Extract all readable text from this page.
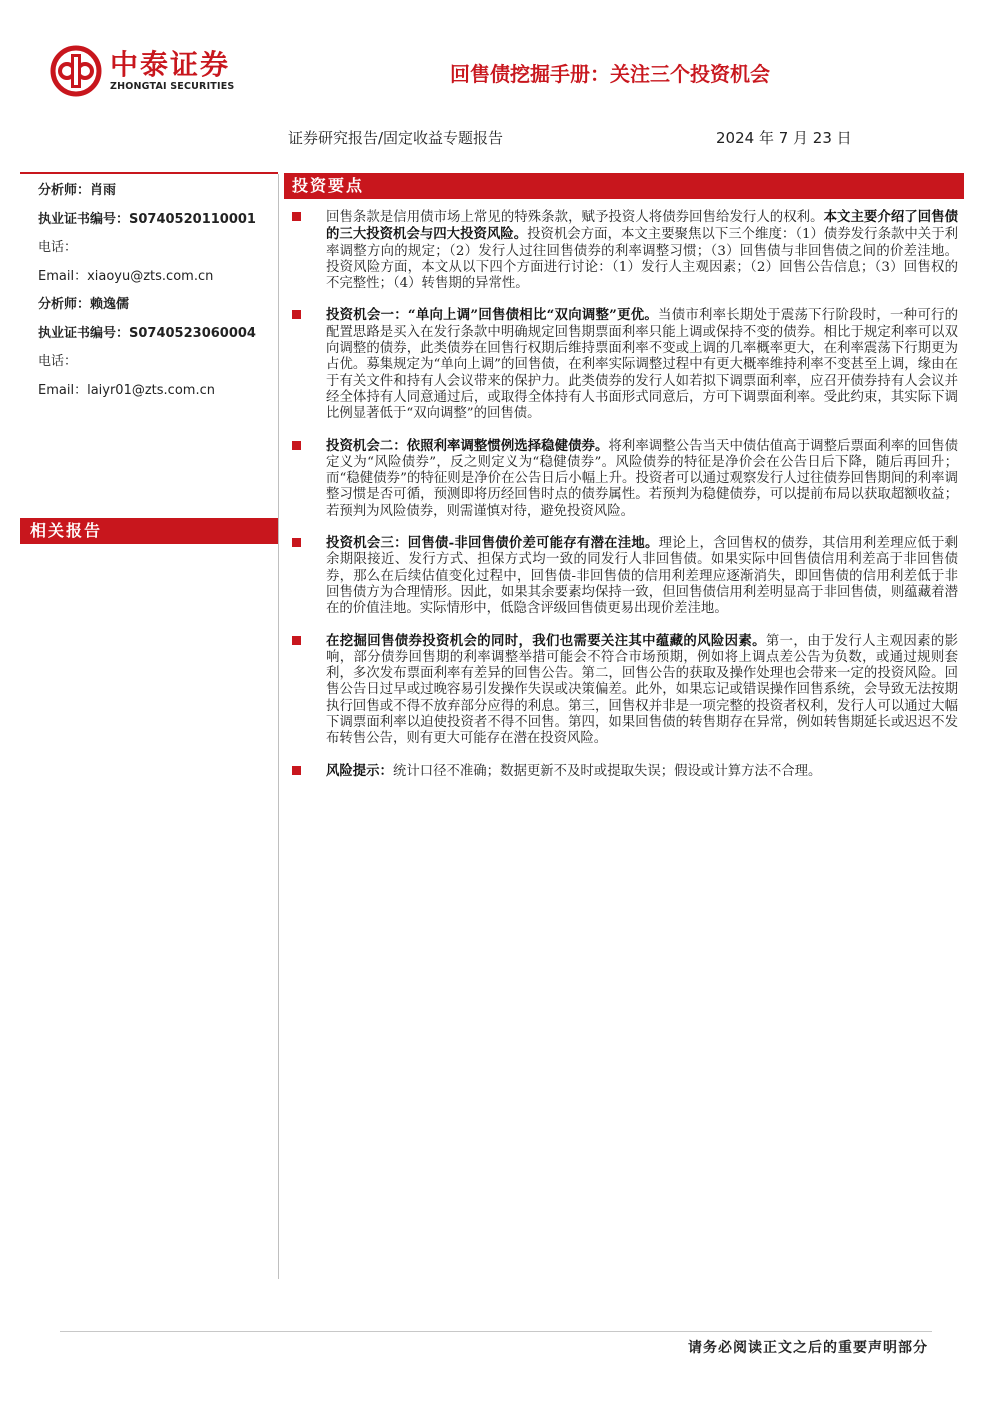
中泰证券
ZHONGTAI SECURITIES
回售债挖掘手册：关注三个投资机会
证券研究报告/固定收益专题报告	2024 年 7 月 23 日
分析师：肖雨
执业证书编号：S0740520110001
电话：
Email：xiaoyu@zts.com.cn
分析师：赖逸儒
执业证书编号：S0740523060004
电话：
Email：laiyr01@zts.com.cn
相关报告
投资要点
回售条款是信用债市场上常见的特殊条款，赋予投资人将债券回售给发行人的权利。本文主要介绍了回售债的三大投资机会与四大投资风险。投资机会方面，本文主要聚焦以下三个维度：（1）债券发行条款中关于利率调整方向的规定；（2）发行人过往回售债券的利率调整习惯；（3）回售债与非回售债之间的价差洼地。投资风险方面，本文从以下四个方面进行讨论：（1）发行人主观因素；（2）回售公告信息；（3）回售权的不完整性；（4）转售期的异常性。
投资机会一：“单向上调”回售债相比“双向调整”更优。当债市利率长期处于震荡下行阶段时，一种可行的配置思路是买入在发行条款中明确规定回售期票面利率只能上调或保持不变的债券。相比于规定利率可以双向调整的债券，此类债券在回售行权期后维持票面利率不变或上调的几率概率更大，在利率震荡下行期更为占优。募集规定为“单向上调”的回售债，在利率实际调整过程中有更大概率维持利率不变甚至上调，缘由在于有关文件和持有人会议带来的保护力。此类债券的发行人如若拟下调票面利率，应召开债券持有人会议并经全体持有人同意通过后，或取得全体持有人书面形式同意后，方可下调票面利率。受此约束，其实际下调比例显著低于“双向调整”的回售债。
投资机会二：依照利率调整惯例选择稳健债券。将利率调整公告当天中债估值高于调整后票面利率的回售债定义为“风险债券”，反之则定义为“稳健债券”。风险债券的特征是净价会在公告日后下降，随后再回升；而“稳健债券”的特征则是净价在公告日后小幅上升。投资者可以通过观察发行人过往债券回售期间的利率调整习惯是否可循，预测即将历经回售时点的债券属性。若预判为稳健债券，可以提前布局以获取超额收益；若预判为风险债券，则需谨慎对待，避免投资风险。
投资机会三：回售债-非回售债价差可能存有潜在洼地。理论上，含回售权的债券，其信用利差理应低于剩余期限接近、发行方式、担保方式均一致的同发行人非回售债。如果实际中回售债信用利差高于非回售债券，那么在后续估值变化过程中，回售债-非回售债的信用利差理应逐渐消失，即回售债的信用利差低于非回售债方为合理情形。因此，如果其余要素均保持一致，但回售债信用利差明显高于非回售债，则蕴藏着潜在的价值洼地。实际情形中，低隐含评级回售债更易出现价差洼地。
在挖掘回售债券投资机会的同时，我们也需要关注其中蕴藏的风险因素。第一，由于发行人主观因素的影响，部分债券回售期的利率调整举措可能会不符合市场预期，例如将上调点差公告为负数，或通过规则套利，多次发布票面利率有差异的回售公告。第二，回售公告的获取及操作处理也会带来一定的投资风险。回售公告日过早或过晚容易引发操作失误或决策偏差。此外，如果忘记或错误操作回售系统，会导致无法按期执行回售或不得不放弃部分应得的利息。第三，回售权并非是一项完整的投资者权利，发行人可以通过大幅下调票面利率以迫使投资者不得不回售。第四，如果回售债的转售期存在异常，例如转售期延长或迟迟不发布转售公告，则有更大可能存在潜在投资风险。
风险提示：统计口径不准确；数据更新不及时或提取失误；假设或计算方法不合理。
请务必阅读正文之后的重要声明部分
